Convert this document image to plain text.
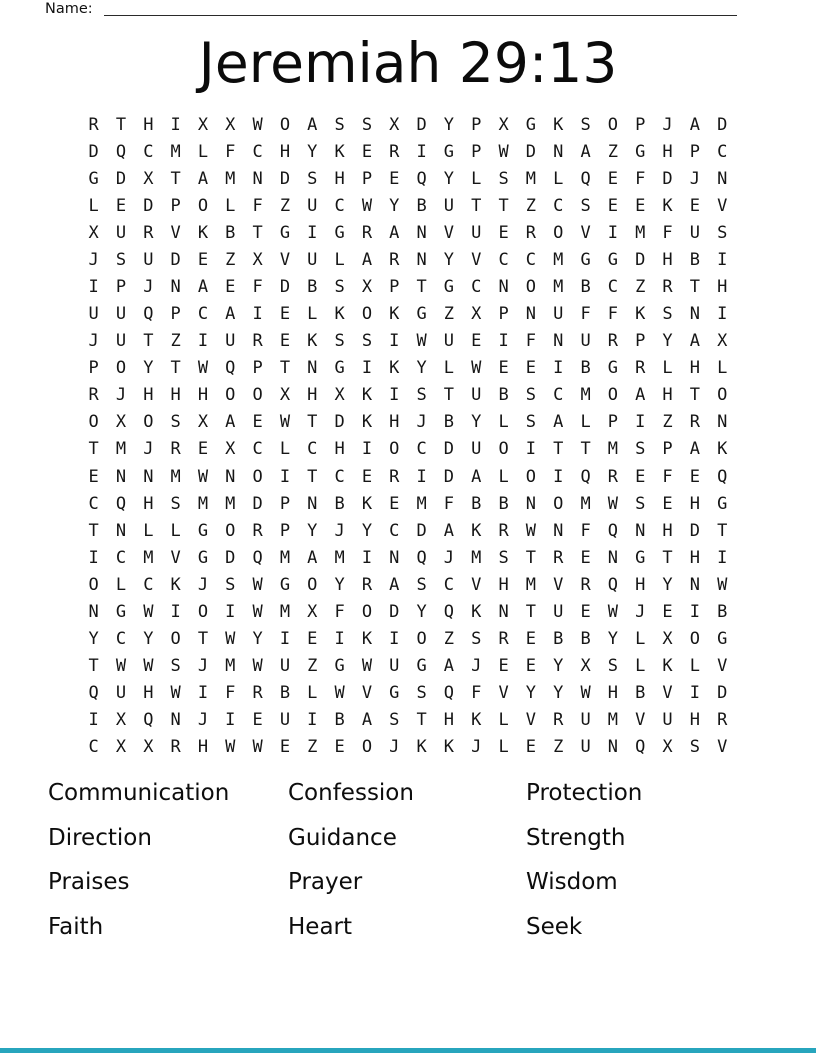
Name:
Jeremiah 29:13
R	T	H	I	X	X	W	O	A	S	S	X	D	Y	P	X	G	K	S	O	P	J	A	D
D	Q	C	M	L	F	C	H	Y	K	E	R	I	G	P	W	D	N	A	Z	G	H	P	C
G	D	X	T	A	M	N	D	S	H	P	E	Q	Y	L	S	M	L	Q	E	F	D	J	N
L	E	D	P	O	L	F	Z	U	C	W	Y	B	U	T	T	Z	C	S	E	E	K	E	V
X	U	R	V	K	B	T	G	I	G	R	A	N	V	U	E	R	O	V	I	M	F	U	S
J	S	U	D	E	Z	X	V	U	L	A	R	N	Y	V	C	C	M	G	G	D	H	B	I
I	P	J	N	A	E	F	D	B	S	X	P	T	G	C	N	O	M	B	C	Z	R	T	H
U	U	Q	P	C	A	I	E	L	K	O	K	G	Z	X	P	N	U	F	F	K	S	N	I
J	U	T	Z	I	U	R	E	K	S	S	I	W	U	E	I	F	N	U	R	P	Y	A	X
P	O	Y	T	W	Q	P	T	N	G	I	K	Y	L	W	E	E	I	B	G	R	L	H	L
R	J	H	H	H	O	O	X	H	X	K	I	S	T	U	B	S	C	M	O	A	H	T	O
O	X	O	S	X	A	E	W	T	D	K	H	J	B	Y	L	S	A	L	P	I	Z	R	N
T	M	J	R	E	X	C	L	C	H	I	O	C	D	U	O	I	T	T	M	S	P	A	K
E	N	N	M	W	N	O	I	T	C	E	R	I	D	A	L	O	I	Q	R	E	F	E	Q
C	Q	H	S	M	M	D	P	N	B	K	E	M	F	B	B	N	O	M	W	S	E	H	G
T	N	L	L	G	O	R	P	Y	J	Y	C	D	A	K	R	W	N	F	Q	N	H	D	T
I	C	M	V	G	D	Q	M	A	M	I	N	Q	J	M	S	T	R	E	N	G	T	H	I
O	L	C	K	J	S	W	G	O	Y	R	A	S	C	V	H	M	V	R	Q	H	Y	N	W
N	G	W	I	O	I	W	M	X	F	O	D	Y	Q	K	N	T	U	E	W	J	E	I	B
Y	C	Y	O	T	W	Y	I	E	I	K	I	O	Z	S	R	E	B	B	Y	L	X	O	G
T	W	W	S	J	M	W	U	Z	G	W	U	G	A	J	E	E	Y	X	S	L	K	L	V
Q	U	H	W	I	F	R	B	L	W	V	G	S	Q	F	V	Y	Y	W	H	B	V	I	D
I	X	Q	N	J	I	E	U	I	B	A	S	T	H	K	L	V	R	U	M	V	U	H	R
C	X	X	R	H	W	W	E	Z	E	O	J	K	K	J	L	E	Z	U	N	Q	X	S	V
Communication	Confession	Protection
Direction	Guidance	Strength
Praises	Prayer	Wisdom
Faith	Heart	Seek
